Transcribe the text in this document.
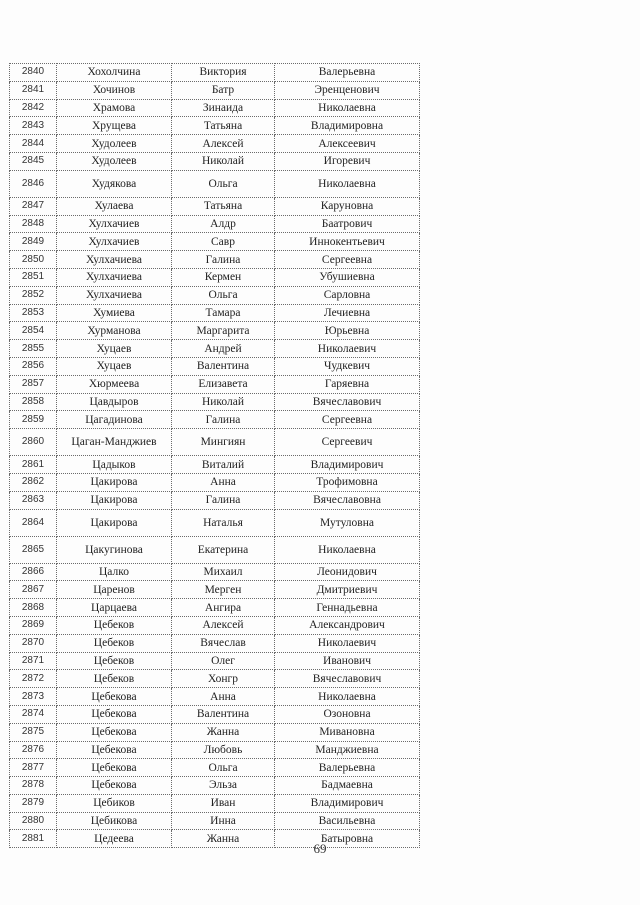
2840	Хохолчина	Виктория	Валерьевна
2841	Хочинов	Батр	Эренценович
2842	Храмова	Зинаида	Николаевна
2843	Хрущева	Татьяна	Владимировна
2844	Худолеев	Алексей	Алексеевич
2845	Худолеев	Николай	Игоревич
2846	Худякова	Ольга	Николаевна
2847	Хулаева	Татьяна	Каруновна
2848	Хулхачиев	Алдр	Баатрович
2849	Хулхачиев	Савр	Иннокентьевич
2850	Хулхачиева	Галина	Сергеевна
2851	Хулхачиева	Кермен	Убушиевна
2852	Хулхачиева	Ольга	Сарловна
2853	Хумиева	Тамара	Лечиевна
2854	Хурманова	Маргарита	Юрьевна
2855	Хуцаев	Андрей	Николаевич
2856	Хуцаев	Валентина	Чудкевич
2857	Хюрмеева	Елизавета	Гаряевна
2858	Цавдыров	Николай	Вячеславович
2859	Цагадинова	Галина	Сергеевна
2860	Цаган-Манджиев	Мингиян	Сергеевич
2861	Цадыков	Виталий	Владимирович
2862	Цакирова	Анна	Трофимовна
2863	Цакирова	Галина	Вячеславовна
2864	Цакирова	Наталья	Мутуловна
2865	Цакугинова	Екатерина	Николаевна
2866	Цалко	Михаил	Леонидович
2867	Царенов	Мерген	Дмитриевич
2868	Царцаева	Ангира	Геннадьевна
2869	Цебеков	Алексей	Александрович
2870	Цебеков	Вячеслав	Николаевич
2871	Цебеков	Олег	Иванович
2872	Цебеков	Хонгр	Вячеславович
2873	Цебекова	Анна	Николаевна
2874	Цебекова	Валентина	Озоновна
2875	Цебекова	Жанна	Мивановна
2876	Цебекова	Любовь	Манджиевна
2877	Цебекова	Ольга	Валерьевна
2878	Цебекова	Эльза	Бадмаевна
2879	Цебиков	Иван	Владимирович
2880	Цебикова	Инна	Васильевна
2881	Цедеева	Жанна	Батыровна
69
